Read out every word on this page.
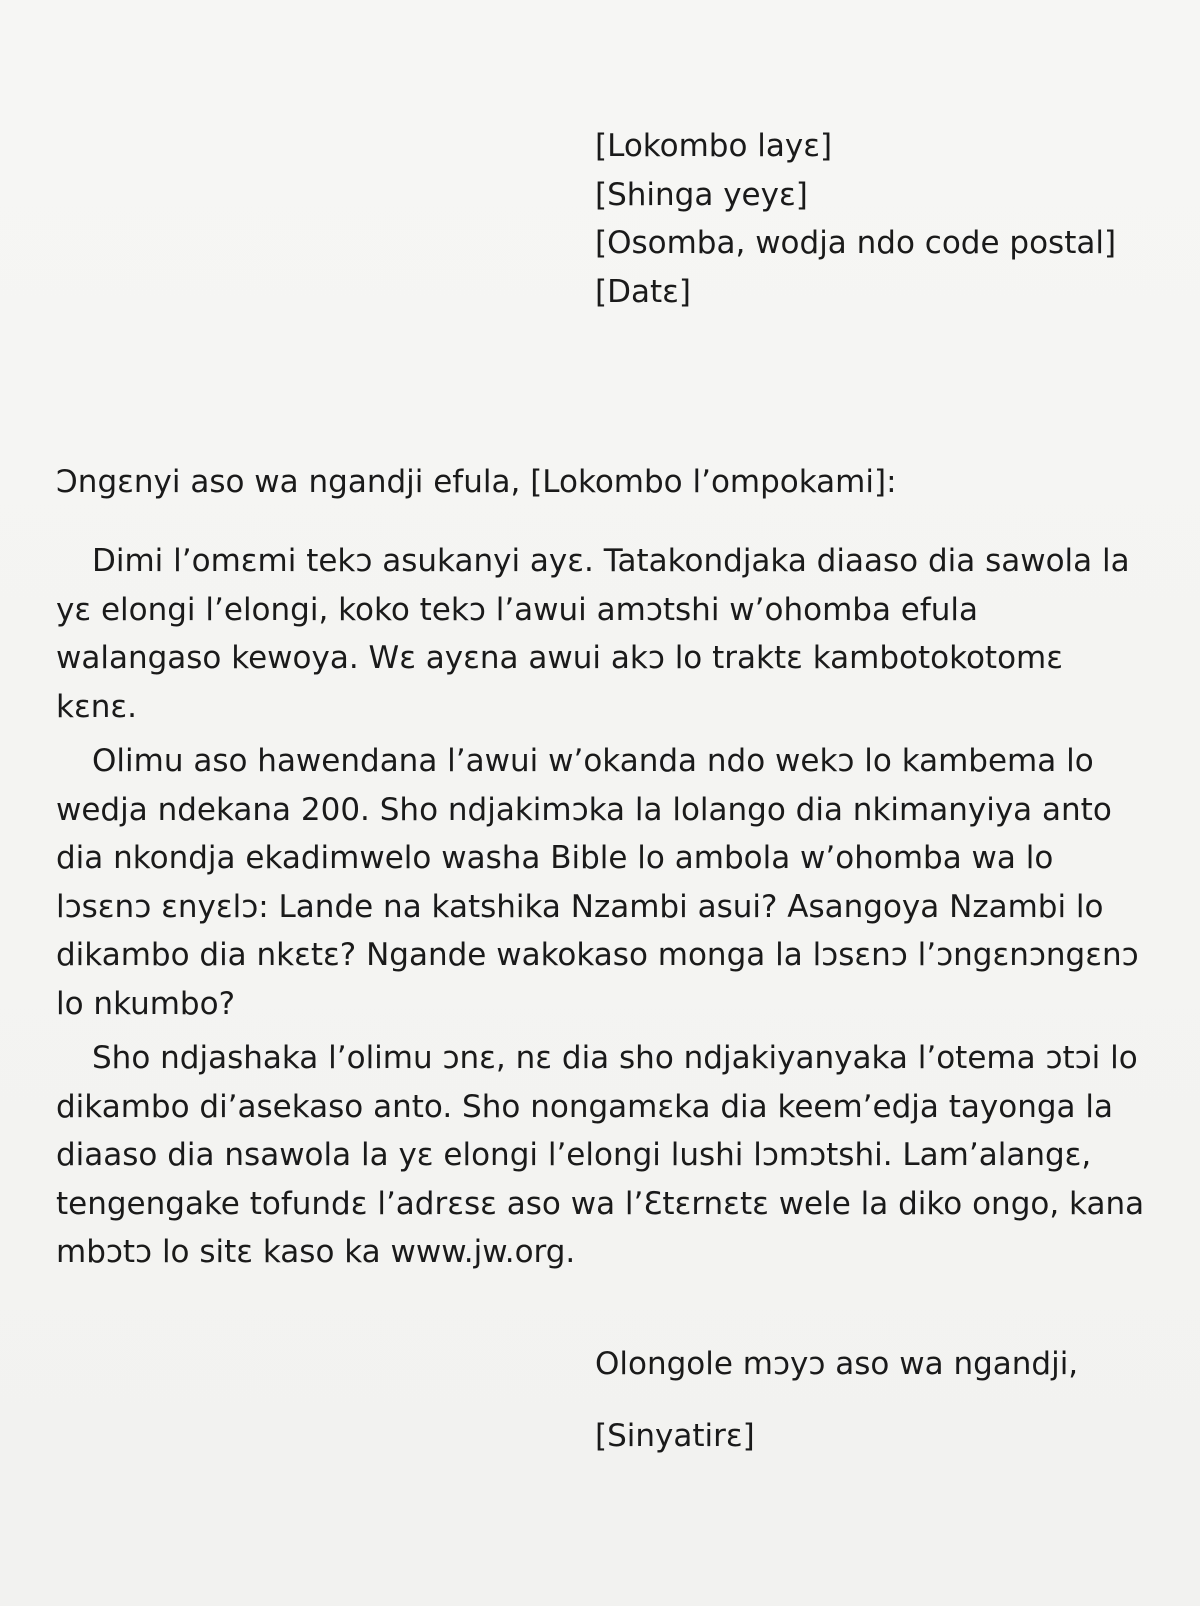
[Lokombo layɛ]
[Shinga yeyɛ]
[Osomba, wodja ndo code postal]
[Datɛ]
Ɔngɛnyi aso wa ngandji efula, [Lokombo l’ompokami]:

Dimi l’omɛmi tekɔ asukanyi ayɛ. Tatakondjaka diaaso dia sawola la yɛ elongi l’elongi, koko tekɔ l’awui amɔtshi w’ohomba efula walangaso kewoya. Wɛ ayɛna awui akɔ lo traktɛ kambotokotomɛ kɛnɛ.

Olimu aso hawendana l’awui w’okanda ndo wekɔ lo kambema lo wedja ndekana 200. Sho ndjakimɔka la lolango dia nkimanyiya anto dia nkondja ekadimwelo washa Bible lo ambola w’ohomba wa lo lɔsɛnɔ ɛnyɛlɔ: Lande na katshika Nzambi asui? Asangoya Nzambi lo dikambo dia nkɛtɛ? Ngande wakokaso monga la lɔsɛnɔ l’ɔngɛnɔngɛnɔ lo nkumbo?

Sho ndjashaka l’olimu ɔnɛ, nɛ dia sho ndjakiyanyaka l’otema ɔtɔi lo dikambo di’asekaso anto. Sho nongamɛka dia keem’edja tayonga la diaaso dia nsawola la yɛ elongi l’elongi lushi lɔmɔtshi. Lam’alangɛ, tengengake tofundɛ l’adrɛsɛ aso wa l’Ɛtɛrnɛtɛ wele la diko ongo, kana mbɔtɔ lo sitɛ kaso ka www.jw.org.

Olongole mɔyɔ aso wa ngandji,
[Sinyatirɛ]
